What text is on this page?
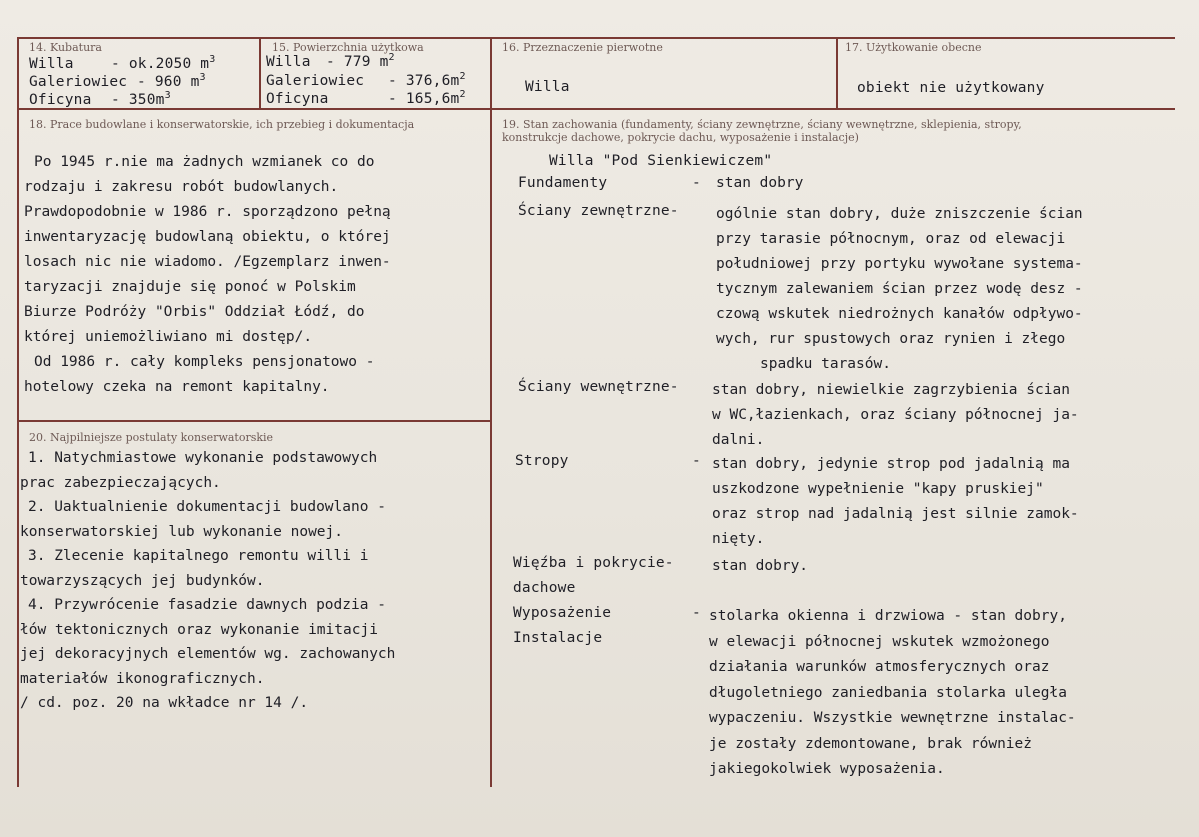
14. Kubatura
Willa	- ok.2050 $m^3$
Galeriowiec - 960 $m^3$
Oficyna - $350m^3$
15. Powierzchnia użytkowa
Willa - 779 $m^2$
Galeriowiec - $376,6m^2$
Oficyna	- $165,6m^2$
16. Przeznaczenie pierwotne
Willa
17. Użytkowanie obecne
obiekt nie użytkowany
18. Prace budowlane i konserwatorskie, ich przebieg i dokumentacja
Po 1945 r.nie ma żadnych wzmianek co do
rodzaju i zakresu robót budowlanych.
Prawdopodobnie w 1986 r. sporządzono pełną
inwentaryzację budowlaną obiektu, o której
losach nic nie wiadomo. /Egzemplarz inwen-
taryzacji znajduje się ponoć w Polskim
Biurze Podróży "Orbis" Oddział Łódź, do
której uniemożliwiano mi dostęp/.
Od 1986 r. cały kompleks pensjonatowo -
hotelowy czeka na remont kapitalny.
20. Najpilniejsze postulaty konserwatorskie
1. Natychmiastowe wykonanie podstawowych
prac zabezpieczających.
2. Uaktualnienie dokumentacji budowlano -
konserwatorskiej lub wykonanie nowej.
3. Zlecenie kapitalnego remontu willi i
towarzyszących jej budynków.
4. Przywrócenie fasadzie dawnych podzia -
łów tektonicznych oraz wykonanie imitacji
jej dekoracyjnych elementów wg. zachowanych
materiałów ikonograficznych.
/ cd. poz. 20 na wkładce nr 14 /.
19. Stan zachowania (fundamenty, ściany zewnętrzne, ściany wewnętrzne, sklepienia, stropy,
konstrukcje dachowe, pokrycie dachu, wyposażenie i instalacje)
Willa "Pod Sienkiewiczem"
Fundamenty	- stan dobry
Ściany zewnętrzne-	ogólnie stan dobry, duże zniszczenie ścian
przy tarasie północnym, oraz od elewacji
południowej przy portyku wywołane systema-
tycznym zalewaniem ścian przez wodę desz -
czową wskutek niedrożnych kanałów odpływo-
wych, rur spustowych oraz rynien i złego
spadku tarasów.
Ściany wewnętrzne- stan dobry, niewielkie zagrzybienia ścian
w WC,łazienkach, oraz ściany północnej ja-
dalni.
Stropy	- stan dobry, jedynie strop pod jadalnią ma
uszkodzone wypełnienie "kapy pruskiej"
oraz strop nad jadalnią jest silnie zamok-
nięty.
Więźba i pokrycie-
dachowe
stan dobry.
Wyposażenie
Instalacje
- stolarka okienna i drzwiowa - stan dobry,
w elewacji północnej wskutek wzmożonego
działania warunków atmosferycznych oraz
długoletniego zaniedbania stolarka uległa
wypaczeniu. Wszystkie wewnętrzne instalac-
je zostały zdemontowane, brak również
jakiegokolwiek wyposażenia.
